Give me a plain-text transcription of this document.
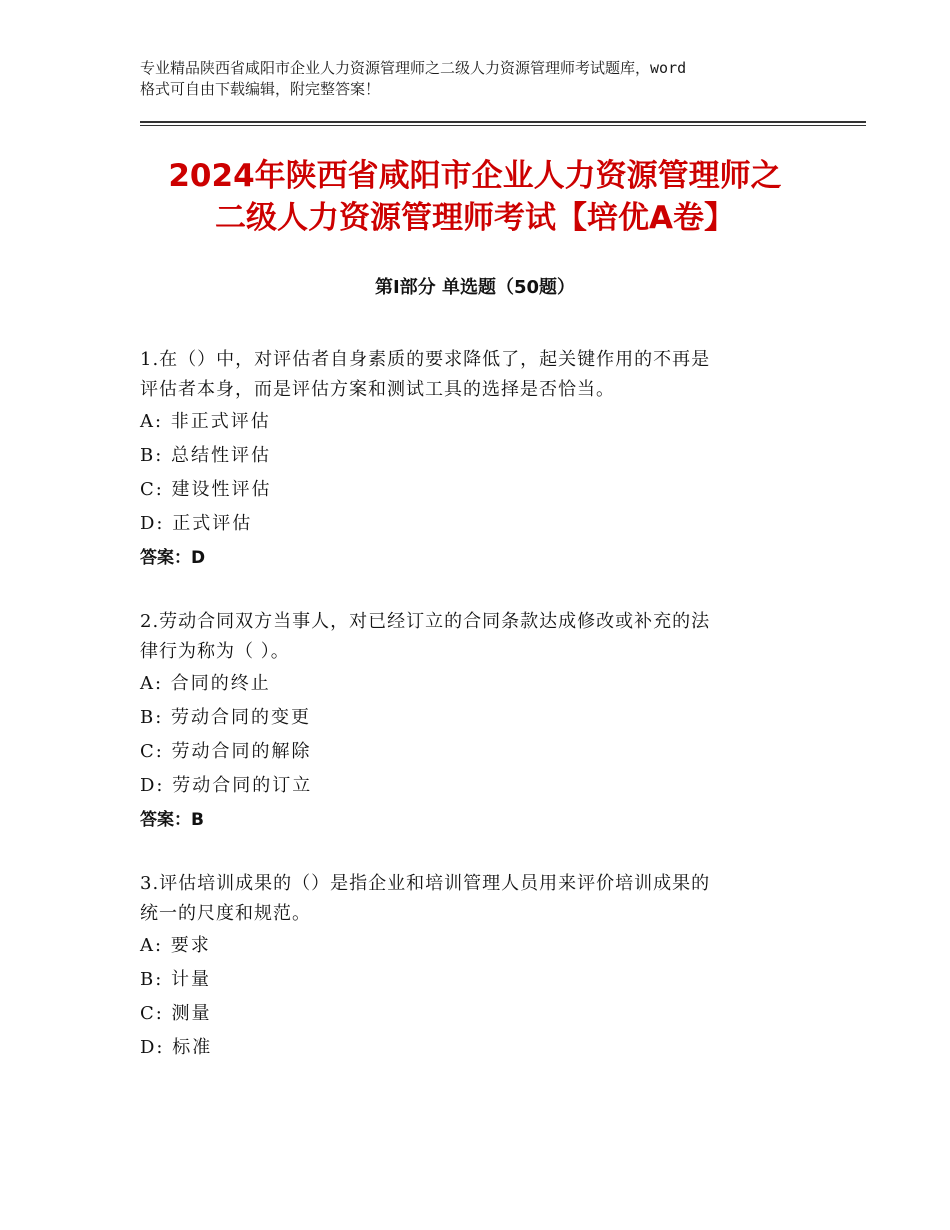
专业精品陕西省咸阳市企业人力资源管理师之二级人力资源管理师考试题库，word
格式可自由下载编辑，附完整答案！
2024年陕西省咸阳市企业人力资源管理师之
二级人力资源管理师考试【培优A卷】
第Ⅰ部分 单选题（50题）
1.在（）中，对评估者自身素质的要求降低了，起关键作用的不再是
评估者本身，而是评估方案和测试工具的选择是否恰当。
A: 非正式评估
B: 总结性评估
C: 建设性评估
D: 正式评估
答案：D
2.劳动合同双方当事人，对已经订立的合同条款达成修改或补充的法
律行为称为（ ）。
A: 合同的终止
B: 劳动合同的变更
C: 劳动合同的解除
D: 劳动合同的订立
答案：B
3.评估培训成果的（）是指企业和培训管理人员用来评价培训成果的
统一的尺度和规范。
A: 要求
B: 计量
C: 测量
D: 标准
